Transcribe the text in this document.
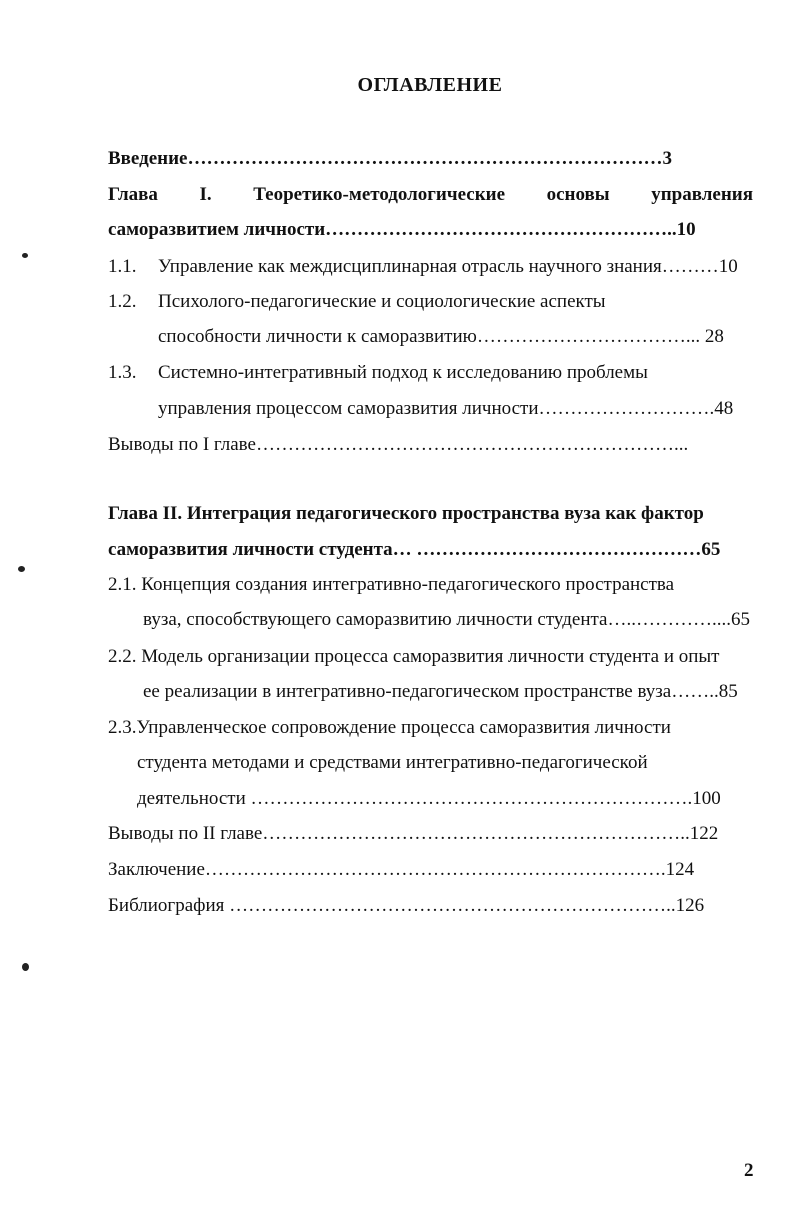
ОГЛАВЛЕНИЕ
Введение…………………………………………………………………3
Глава I. Теоретико-методологические основы управления
саморазвитием личности………………………………………………..10
1.1. Управление как междисциплинарная отрасль научного знания………10
1.2. Психолого-педагогические и социологические аспекты
способности личности к саморазвитию……………………………... 28
1.3. Системно-интегративный подход к исследованию проблемы
управления процессом саморазвития личности……………………….48
Выводы по I главе…………………………………………………………...
Глава II. Интеграция педагогического пространства вуза как фактор
саморазвития личности студента… ………………………………………65
2.1. Концепция создания интегративно-педагогического пространства
вуза, способствующего саморазвитию личности студента…..…………....65
2.2. Модель организации процесса саморазвития личности студента и опыт
ее реализации в интегративно-педагогическом пространстве вуза……..85
2.3.Управленческое сопровождение процесса саморазвития личности
студента методами и средствами интегративно-педагогической
деятельности …………………………………………………………….100
Выводы по II главе…………………………………………………………..122
Заключение……………………………………………………………….124
Библиография ……………………………………………………………..126
2
